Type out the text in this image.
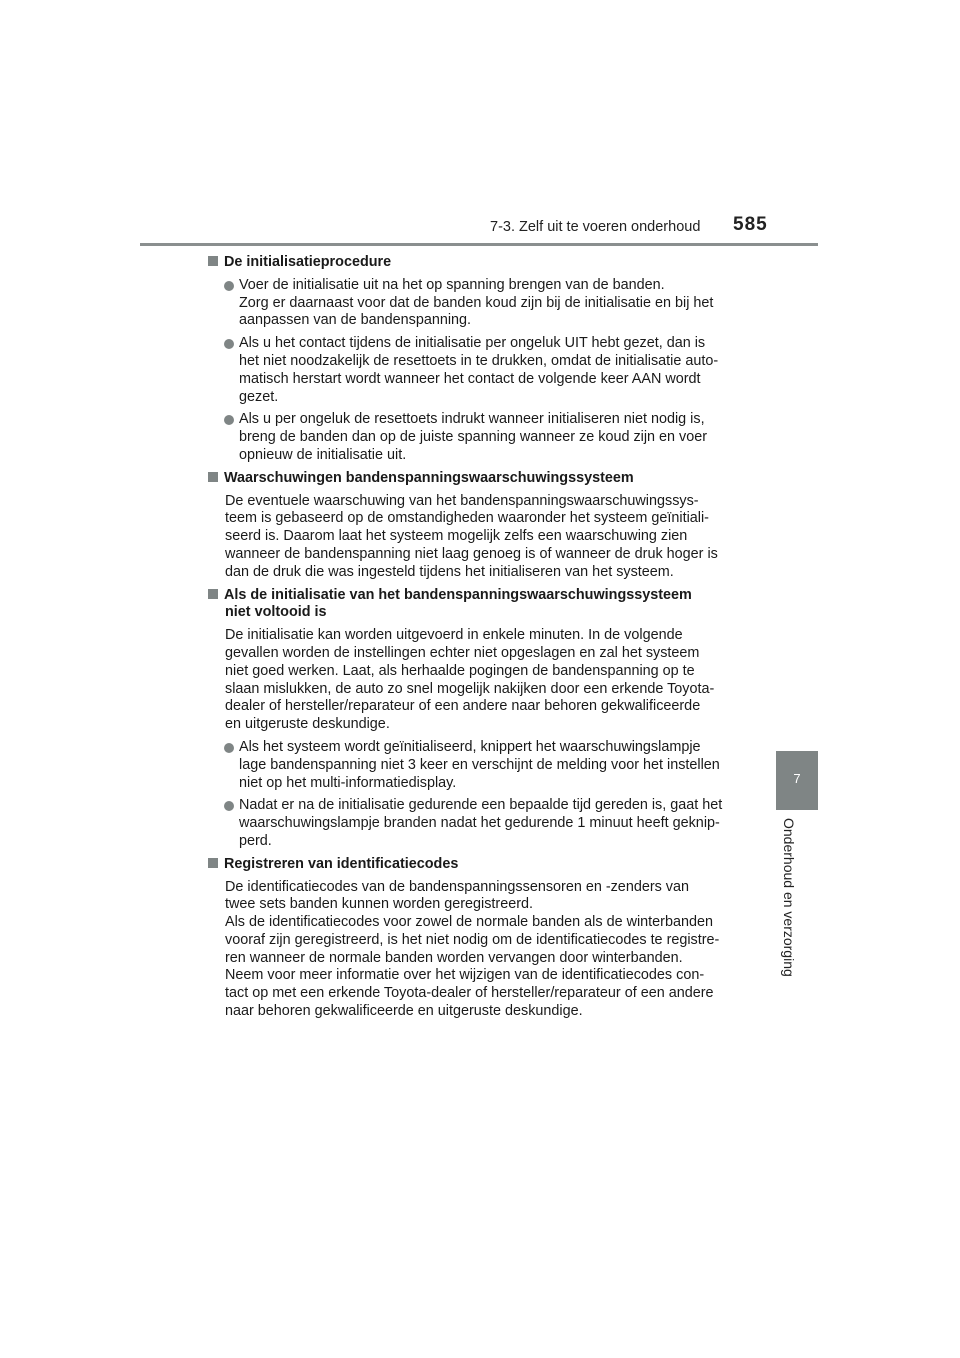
7-3. Zelf uit te voeren onderhoud 585
7
Onderhoud en verzorging
De initialisatieprocedure
Voer de initialisatie uit na het op spanning brengen van de banden.
Zorg er daarnaast voor dat de banden koud zijn bij de initialisatie en bij het
aanpassen van de bandenspanning.
Als u het contact tijdens de initialisatie per ongeluk UIT hebt gezet, dan is
het niet noodzakelijk de resettoets in te drukken, omdat de initialisatie auto-
matisch herstart wordt wanneer het contact de volgende keer AAN wordt
gezet.
Als u per ongeluk de resettoets indrukt wanneer initialiseren niet nodig is,
breng de banden dan op de juiste spanning wanneer ze koud zijn en voer
opnieuw de initialisatie uit.
Waarschuwingen bandenspanningswaarschuwingssysteem
De eventuele waarschuwing van het bandenspanningswaarschuwingssys-
teem is gebaseerd op de omstandigheden waaronder het systeem geïnitiali-
seerd is. Daarom laat het systeem mogelijk zelfs een waarschuwing zien
wanneer de bandenspanning niet laag genoeg is of wanneer de druk hoger is
dan de druk die was ingesteld tijdens het initialiseren van het systeem.
Als de initialisatie van het bandenspanningswaarschuwingssysteem
niet voltooid is
De initialisatie kan worden uitgevoerd in enkele minuten. In de volgende
gevallen worden de instellingen echter niet opgeslagen en zal het systeem
niet goed werken. Laat, als herhaalde pogingen de bandenspanning op te
slaan mislukken, de auto zo snel mogelijk nakijken door een erkende Toyota-
dealer of hersteller/reparateur of een andere naar behoren gekwalificeerde
en uitgeruste deskundige.
Als het systeem wordt geïnitialiseerd, knippert het waarschuwingslampje
lage bandenspanning niet 3 keer en verschijnt de melding voor het instellen
niet op het multi-informatiedisplay.
Nadat er na de initialisatie gedurende een bepaalde tijd gereden is, gaat het
waarschuwingslampje branden nadat het gedurende 1 minuut heeft geknip-
perd.
Registreren van identificatiecodes
De identificatiecodes van de bandenspanningssensoren en -zenders van
twee sets banden kunnen worden geregistreerd.
Als de identificatiecodes voor zowel de normale banden als de winterbanden
vooraf zijn geregistreerd, is het niet nodig om de identificatiecodes te registre-
ren wanneer de normale banden worden vervangen door winterbanden.
Neem voor meer informatie over het wijzigen van de identificatiecodes con-
tact op met een erkende Toyota-dealer of hersteller/reparateur of een andere
naar behoren gekwalificeerde en uitgeruste deskundige.
